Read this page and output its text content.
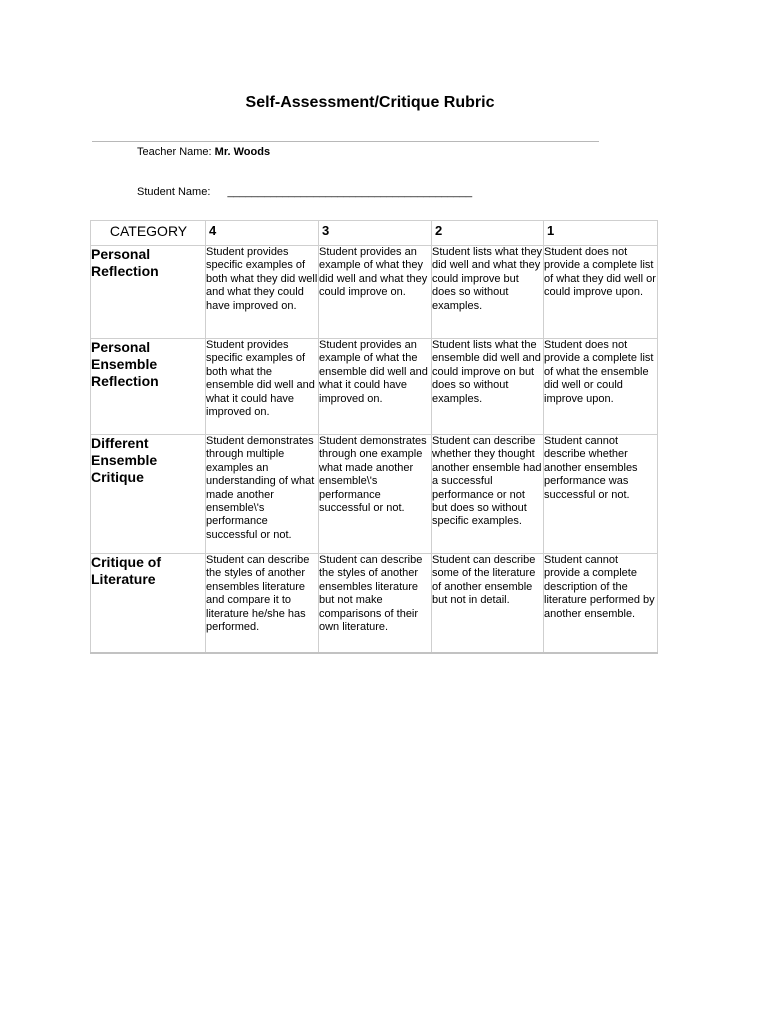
Self-Assessment/Critique Rubric
Teacher Name: Mr. Woods
Student Name: ________________________________________
CATEGORY	4	3	2	1
Personal Reflection	Student provides specific examples of both what they did well and what they could have improved on.	Student provides an example of what they did well and what they could improve on.	Student lists what they did well and what they could improve but does so without examples.	Student does not provide a complete list of what they did well or could improve upon.
Personal Ensemble Reflection	Student provides specific examples of both what the ensemble did well and what it could have improved on.	Student provides an example of what the ensemble did well and what it could have improved on.	Student lists what the ensemble did well and could improve on but does so without examples.	Student does not provide a complete list of what the ensemble did well or could improve upon.
Different Ensemble Critique	Student demonstrates through multiple examples an understanding of what made another ensemble\'s performance successful or not.	Student demonstrates through one example what made another ensemble\'s performance successful or not.	Student can describe whether they thought another ensemble had a successful performance or not but does so without specific examples.	Student cannot describe whether another ensembles performance was successful or not.
Critique of Literature	Student can describe the styles of another ensembles literature and compare it to literature he/she has performed.	Student can describe the styles of another ensembles literature but not make comparisons of their own literature.	Student can describe some of the literature of another ensemble but not in detail.	Student cannot provide a complete description of the literature performed by another ensemble.
